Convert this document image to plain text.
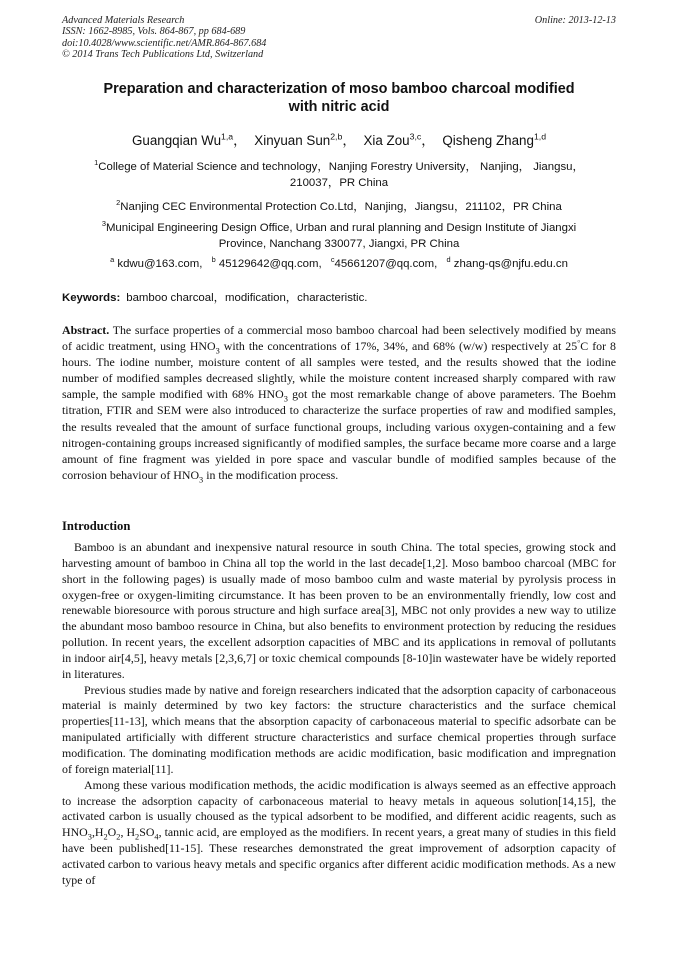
Advanced Materials Research
ISSN: 1662-8985, Vols. 864-867, pp 684-689
doi:10.4028/www.scientific.net/AMR.864-867.684
© 2014 Trans Tech Publications Ltd, Switzerland
Online: 2013-12-13
Preparation and characterization of moso bamboo charcoal modified
with nitric acid
Guangqian Wu$^{1,a}$， Xinyuan Sun$^{2,b}$， Xia Zou$^{3,c}$， Qisheng Zhang$^{1,d}$
$^1$College of Material Science and technology，Nanjing Forestry University， Nanjing， Jiangsu，
210037，PR China
$^2$Nanjing CEC Environmental Protection Co.Ltd，Nanjing，Jiangsu，211102，PR China
$^3$Municipal Engineering Design Office, Urban and rural planning and Design Institute of Jiangxi
Province, Nanchang 330077, Jiangxi, PR China
$^a$ kdwu@163.com, $^b$ 45129642@qq.com, $^c$45661207@qq.com, $^d$ zhang-qs@njfu.edu.cn
Keywords: bamboo charcoal，modification，characteristic.

Abstract. The surface properties of a commercial moso bamboo charcoal had been selectively modified by means of acidic treatment, using $HNO_3$ with the concentrations of 17%, 34%, and 68% (w/w) respectively at 25°C for 8 hours. The iodine number, moisture content of all samples were tested, and the results showed that the iodine number of modified samples decreased slightly, while the moisture content increased sharply compared with raw sample, the sample modified with 68% $HNO_3$ got the most remarkable change of above parameters. The Boehm titration, FTIR and SEM were also introduced to characterize the surface properties of raw and modified samples, the results revealed that the amount of surface functional groups, including various oxygen-containing and a few nitrogen-containing groups increased significantly of modified samples, the surface became more coarse and a large amount of fine fragment was yielded in pore space and vascular bundle of modified samples because of the corrosion behaviour of $HNO_3$ in the modification process.

Introduction

Bamboo is an abundant and inexpensive natural resource in south China. The total species, growing stock and harvesting amount of bamboo in China all top the world in the last decade[1,2]. Moso bamboo charcoal (MBC for short in the following pages) is usually made of moso bamboo culm and waste material by pyrolysis process in oxygen-free or oxygen-limiting circumstance. It has been proven to be an environmentally friendly, low cost and renewable bioresource with porous structure and high surface area[3], MBC not only provides a new way to utilize the abundant moso bamboo resource in China, but also benefits to environment protection by reducing the residues pollution. In recent years, the excellent adsorption capacities of MBC and its applications in removal of pollutants in indoor air[4,5], heavy metals [2,3,6,7] or toxic chemical compounds [8-10]in wastewater have be widely reported in literatures.

Previous studies made by native and foreign researchers indicated that the adsorption capacity of carbonaceous material is mainly determined by two key factors: the structure characteristics and the surface chemical properties[11-13], which means that the absorption capacity of carbonaceous material to specific adsorbate can be manipulated artificially with different structure characteristics and surface chemical properties through surface modification. The dominating modification methods are acidic modification, basic modification and impregnation of foreign material[11].

Among these various modification methods, the acidic modification is always seemed as an effective approach to increase the adsorption capacity of carbonaceous material to heavy metals in aqueous solution[14,15], the activated carbon is usually choused as the typical adsorbent to be modified, and different acidic reagents, such as $HNO_3,H_2O_2$, $H_2SO_4$, tannic acid, are employed as the modifiers. In recent years, a great many of studies in this field have been published[11-15]. These researches demonstrated the great improvement of adsorption capacity of activated carbon to various heavy metals and specific organics after different acidic modification methods. As a new type of
